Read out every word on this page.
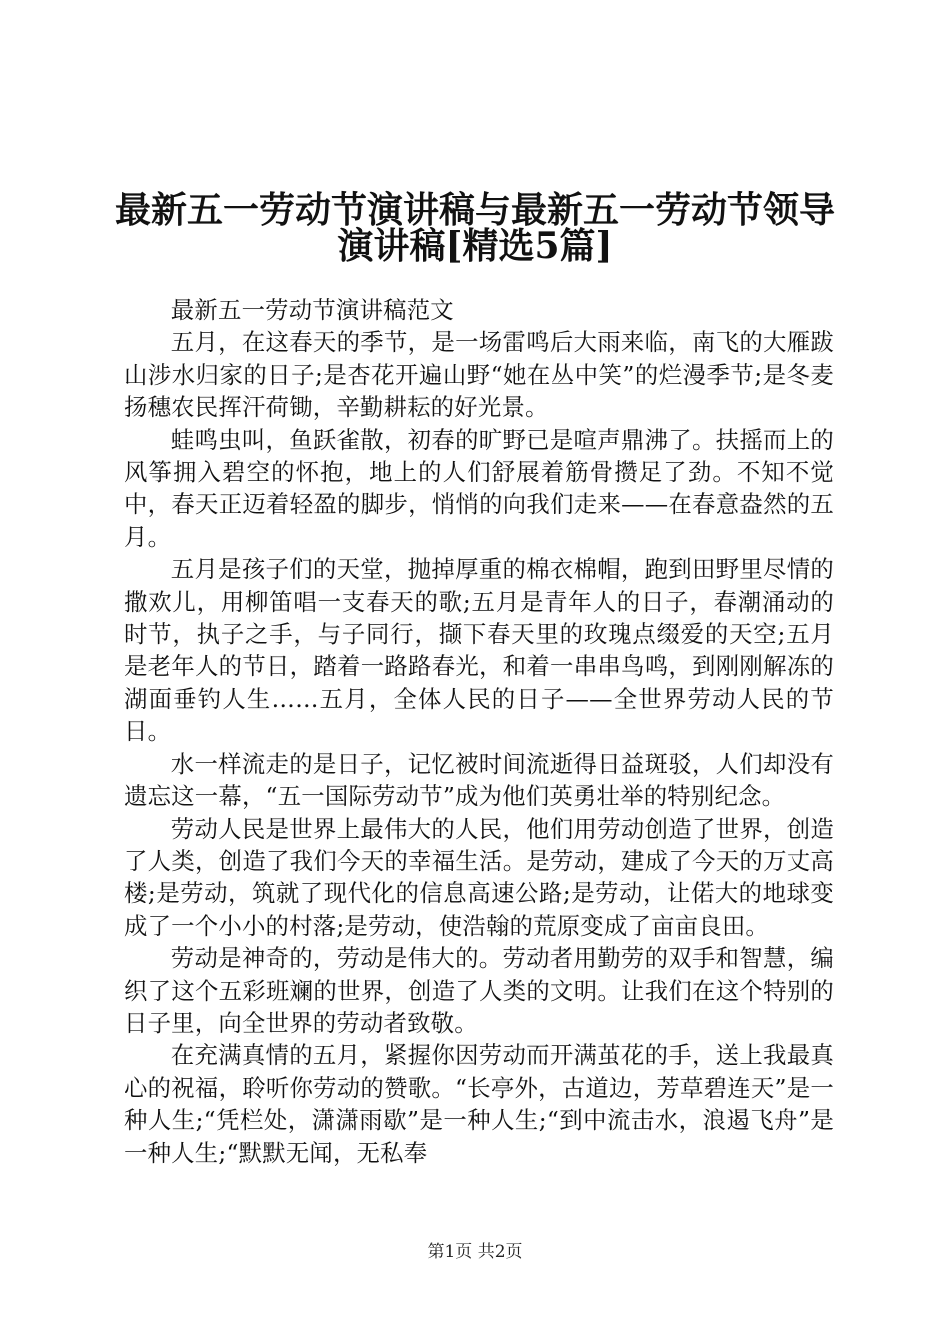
最新五一劳动节演讲稿与最新五一劳动节领导
演讲稿[精选5篇]

最新五一劳动节演讲稿范文

五月，在这春天的季节，是一场雷鸣后大雨来临，南飞的大雁跋山涉水归家的日子;是杏花开遍山野“她在丛中笑”的烂漫季节;是冬麦扬穗农民挥汗荷锄，辛勤耕耘的好光景。

蛙鸣虫叫，鱼跃雀散，初春的旷野已是喧声鼎沸了。扶摇而上的风筝拥入碧空的怀抱，地上的人们舒展着筋骨攒足了劲。不知不觉中，春天正迈着轻盈的脚步，悄悄的向我们走来——在春意盎然的五月。

五月是孩子们的天堂，抛掉厚重的棉衣棉帽，跑到田野里尽情的撒欢儿，用柳笛唱一支春天的歌;五月是青年人的日子，春潮涌动的时节，执子之手，与子同行，撷下春天里的玫瑰点缀爱的天空;五月是老年人的节日，踏着一路路春光，和着一串串鸟鸣，到刚刚解冻的湖面垂钓人生……五月，全体人民的日子——全世界劳动人民的节日。

水一样流走的是日子，记忆被时间流逝得日益斑驳，人们却没有遗忘这一幕，“五一国际劳动节”成为他们英勇壮举的特别纪念。

劳动人民是世界上最伟大的人民，他们用劳动创造了世界，创造了人类，创造了我们今天的幸福生活。是劳动，建成了今天的万丈高楼;是劳动，筑就了现代化的信息高速公路;是劳动，让偌大的地球变成了一个小小的村落;是劳动，使浩翰的荒原变成了亩亩良田。

劳动是神奇的，劳动是伟大的。劳动者用勤劳的双手和智慧，编织了这个五彩班斓的世界，创造了人类的文明。让我们在这个特别的日子里，向全世界的劳动者致敬。

在充满真情的五月，紧握你因劳动而开满茧花的手，送上我最真心的祝福，聆听你劳动的赞歌。“长亭外，古道边，芳草碧连天”是一种人生;“凭栏处，潇潇雨歇”是一种人生;“到中流击水，浪遏飞舟”是一种人生;“默默无闻，无私奉

第1页 共2页
